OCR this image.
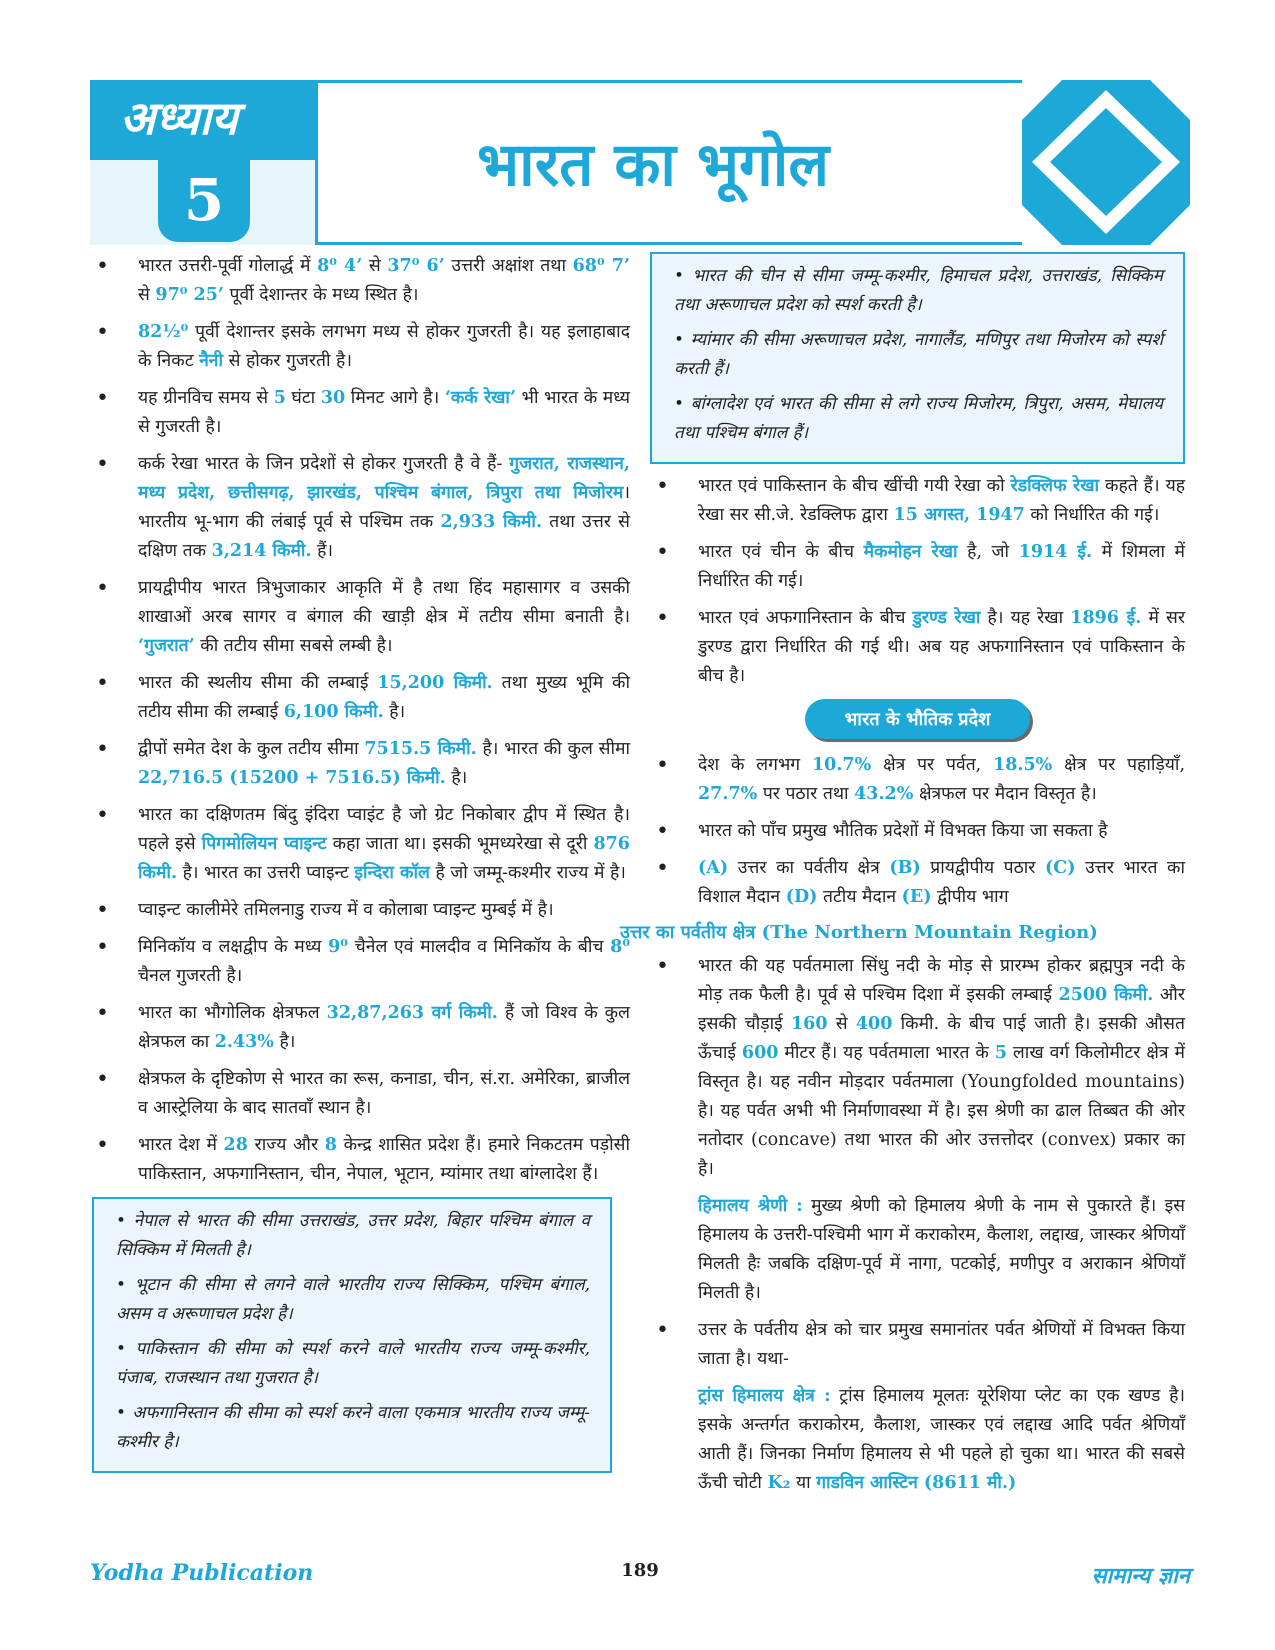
अध्याय
5	भारत का भूगोल
• भारत उत्तरी-पूर्वी गोलार्द्ध में 8⁰ 4’ से 37⁰ 6’ उत्तरी अक्षांश तथा 68⁰ 7’ से 97⁰ 25’ पूर्वी देशान्तर के मध्य स्थित है।
• 82½⁰ पूर्वी देशान्तर इसके लगभग मध्य से होकर गुजरती है। यह इलाहाबाद के निकट नैनी से होकर गुजरती है।
• यह ग्रीनविच समय से 5 घंटा 30 मिनट आगे है। ‘कर्क रेखा’ भी भारत के मध्य से गुजरती है।
• कर्क रेखा भारत के जिन प्रदेशों से होकर गुजरती है वे हैं- गुजरात, राजस्थान, मध्य प्रदेश, छत्तीसगढ़, झारखंड, पश्चिम बंगाल, त्रिपुरा तथा मिजोरम। भारतीय भू-भाग की लंबाई पूर्व से पश्चिम तक 2,933 किमी. तथा उत्तर से दक्षिण तक 3,214 किमी. हैं।
• प्रायद्वीपीय भारत त्रिभुजाकार आकृति में है तथा हिंद महासागर व उसकी शाखाओं अरब सागर व बंगाल की खाड़ी क्षेत्र में तटीय सीमा बनाती है। ‘गुजरात’ की तटीय सीमा सबसे लम्बी है।
• भारत की स्थलीय सीमा की लम्बाई 15,200 किमी. तथा मुख्य भूमि की तटीय सीमा की लम्बाई 6,100 किमी. है।
• द्वीपों समेत देश के कुल तटीय सीमा 7515.5 किमी. है। भारत की कुल सीमा 22,716.5 (15200 + 7516.5) किमी. है।
• भारत का दक्षिणतम बिंदु इंदिरा प्वाइंट है जो ग्रेट निकोबार द्वीप में स्थित है। पहले इसे पिगमोलियन प्वाइन्ट कहा जाता था। इसकी भूमध्यरेखा से दूरी 876 किमी. है। भारत का उत्तरी प्वाइन्ट इन्दिरा कॉल है जो जम्मू-कश्मीर राज्य में है।
• प्वाइन्ट कालीमेरे तमिलनाडु राज्य में व कोलाबा प्वाइन्ट मुम्बई में है।
• मिनिकॉय व लक्षद्वीप के मध्य 9⁰ चैनेल एवं मालदीव व मिनिकॉय के बीच 8⁰ चैनल गुजरती है।
• भारत का भौगोलिक क्षेत्रफल 32,87,263 वर्ग किमी. हैं जो विश्व के कुल क्षेत्रफल का 2.43% है।
• क्षेत्रफल के दृष्टिकोण से भारत का रूस, कनाडा, चीन, सं.रा. अमेरिका, ब्राजील व आस्ट्रेलिया के बाद सातवाँ स्थान है।
• भारत देश में 28 राज्य और 8 केन्द्र शासित प्रदेश हैं। हमारे निकटतम पड़ोसी पाकिस्तान, अफगानिस्तान, चीन, नेपाल, भूटान, म्यांमार तथा बांग्लादेश हैं।

• नेपाल से भारत की सीमा उत्तराखंड, उत्तर प्रदेश, बिहार पश्चिम बंगाल व सिक्किम में मिलती है।

• भूटान की सीमा से लगने वाले भारतीय राज्य सिक्किम, पश्चिम बंगाल, असम व अरूणाचल प्रदेश है।

• पाकिस्तान की सीमा को स्पर्श करने वाले भारतीय राज्य जम्मू-कश्मीर, पंजाब, राजस्थान तथा गुजरात है।

• अफगानिस्तान की सीमा को स्पर्श करने वाला एकमात्र भारतीय राज्य जम्मू-कश्मीर है।

• भारत की चीन से सीमा जम्मू-कश्मीर, हिमाचल प्रदेश, उत्तराखंड, सिक्किम तथा अरूणाचल प्रदेश को स्पर्श करती है।

• म्यांमार की सीमा अरूणाचल प्रदेश, नागालैंड, मणिपुर तथा मिजोरम को स्पर्श करती हैं।

• बांग्लादेश एवं भारत की सीमा से लगे राज्य मिजोरम, त्रिपुरा, असम, मेघालय तथा पश्चिम बंगाल हैं।

• भारत एवं पाकिस्तान के बीच खींची गयी रेखा को रेडक्लिफ रेखा कहते हैं। यह रेखा सर सी.जे. रेडक्लिफ द्वारा 15 अगस्त, 1947 को निर्धारित की गई।
• भारत एवं चीन के बीच मैकमोहन रेखा है, जो 1914 ई. में शिमला में निर्धारित की गई।
• भारत एवं अफगानिस्तान के बीच डुरण्ड रेखा है। यह रेखा 1896 ई. में सर डुरण्ड द्वारा निर्धारित की गई थी। अब यह अफगानिस्तान एवं पाकिस्तान के बीच है।
भारत के भौतिक प्रदेश
• देश के लगभग 10.7% क्षेत्र पर पर्वत, 18.5% क्षेत्र पर पहाड़ियाँ, 27.7% पर पठार तथा 43.2% क्षेत्रफल पर मैदान विस्तृत है।
• भारत को पाँच प्रमुख भौतिक प्रदेशों में विभक्त किया जा सकता है
• (A) उत्तर का पर्वतीय क्षेत्र (B) प्रायद्वीपीय पठार (C) उत्तर भारत का विशाल मैदान (D) तटीय मैदान (E) द्वीपीय भाग
उत्तर का पर्वतीय क्षेत्र (The Northern Mountain Region)
• भारत की यह पर्वतमाला सिंधु नदी के मोड़ से प्रारम्भ होकर ब्रह्मपुत्र नदी के मोड़ तक फैली है। पूर्व से पश्चिम दिशा में इसकी लम्बाई 2500 किमी. और इसकी चौड़ाई 160 से 400 किमी. के बीच पाई जाती है। इसकी औसत ऊँचाई 600 मीटर हैं। यह पर्वतमाला भारत के 5 लाख वर्ग किलोमीटर क्षेत्र में विस्तृत है। यह नवीन मोड़दार पर्वतमाला (Youngfolded mountains) है। यह पर्वत अभी भी निर्माणावस्था में है। इस श्रेणी का ढाल तिब्बत की ओर नतोदार (concave) तथा भारत की ओर उत्तत्तोदर (convex) प्रकार का है।
हिमालय श्रेणी : मुख्य श्रेणी को हिमालय श्रेणी के नाम से पुकारते हैं। इस हिमालय के उत्तरी-पश्चिमी भाग में कराकोरम, कैलाश, लद्दाख, जास्कर श्रेणियाँ मिलती हैः जबकि दक्षिण-पूर्व में नागा, पटकोई, मणीपुर व अराकान श्रेणियाँ मिलती है।
• उत्तर के पर्वतीय क्षेत्र को चार प्रमुख समानांतर पर्वत श्रेणियों में विभक्त किया जाता है। यथा-
ट्रांस हिमालय क्षेत्र : ट्रांस हिमालय मूलतः यूरेशिया प्लेट का एक खण्ड है। इसके अन्तर्गत कराकोरम, कैलाश, जास्कर एवं लद्दाख आदि पर्वत श्रेणियाँ आती हैं। जिनका निर्माण हिमालय से भी पहले हो चुका था। भारत की सबसे ऊँची चोटी K₂ या गाडविन आस्टिन (8611 मी.)
Yodha Publication	189	सामान्य ज्ञान
